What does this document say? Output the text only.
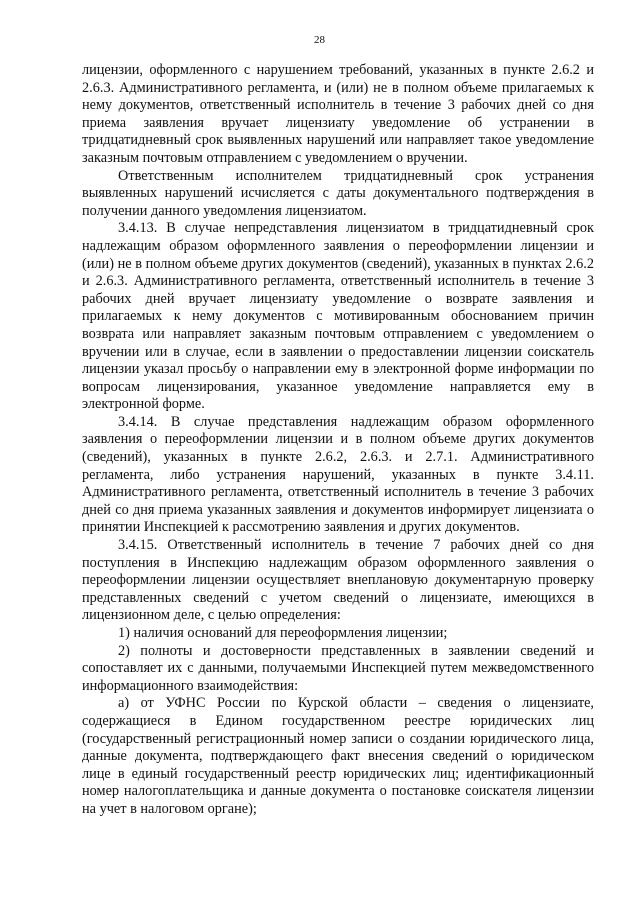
28

лицензии, оформленного с нарушением требований, указанных в пункте 2.6.2 и 2.6.3. Административного регламента, и (или) не в полном объеме прилагаемых к нему документов, ответственный исполнитель в течение 3 рабочих дней со дня приема заявления вручает лицензиату уведомление об устранении в тридцатидневный срок выявленных нарушений или направляет такое уведомление заказным почтовым отправлением с уведомлением о вручении.

Ответственным исполнителем тридцатидневный срок устранения выявленных нарушений исчисляется с даты документального подтверждения в получении данного уведомления лицензиатом.

3.4.13. В случае непредставления лицензиатом в тридцатидневный срок надлежащим образом оформленного заявления о переоформлении лицензии и (или) не в полном объеме других документов (сведений), указанных в пунктах 2.6.2 и 2.6.3. Административного регламента, ответственный исполнитель в течение 3 рабочих дней вручает лицензиату уведомление о возврате заявления и прилагаемых к нему документов с мотивированным обоснованием причин возврата или направляет заказным почтовым отправлением с уведомлением о вручении или в случае, если в заявлении о предоставлении лицензии соискатель лицензии указал просьбу о направлении ему в электронной форме информации по вопросам лицензирования, указанное уведомление направляется ему в электронной форме.

3.4.14. В случае представления надлежащим образом оформленного заявления о переоформлении лицензии и в полном объеме других документов (сведений), указанных в пункте 2.6.2, 2.6.3. и 2.7.1. Административного регламента, либо устранения нарушений, указанных в пункте 3.4.11. Административного регламента, ответственный исполнитель в течение 3 рабочих дней со дня приема указанных заявления и документов информирует лицензиата о принятии Инспекцией к рассмотрению заявления и других документов.

3.4.15. Ответственный исполнитель в течение 7 рабочих дней со дня поступления в Инспекцию надлежащим образом оформленного заявления о переоформлении лицензии осуществляет внеплановую документарную проверку представленных сведений с учетом сведений о лицензиате, имеющихся в лицензионном деле, с целью определения:

1) наличия оснований для переоформления лицензии;

2) полноты и достоверности представленных в заявлении сведений и сопоставляет их с данными, получаемыми Инспекцией путем межведомственного информационного взаимодействия:

а) от УФНС России по Курской области – сведения о лицензиате, содержащиеся в Едином государственном реестре юридических лиц (государственный регистрационный номер записи о создании юридического лица, данные документа, подтверждающего факт внесения сведений о юридическом лице в единый государственный реестр юридических лиц; идентификационный номер налогоплательщика и данные документа о постановке соискателя лицензии на учет в налоговом органе);
